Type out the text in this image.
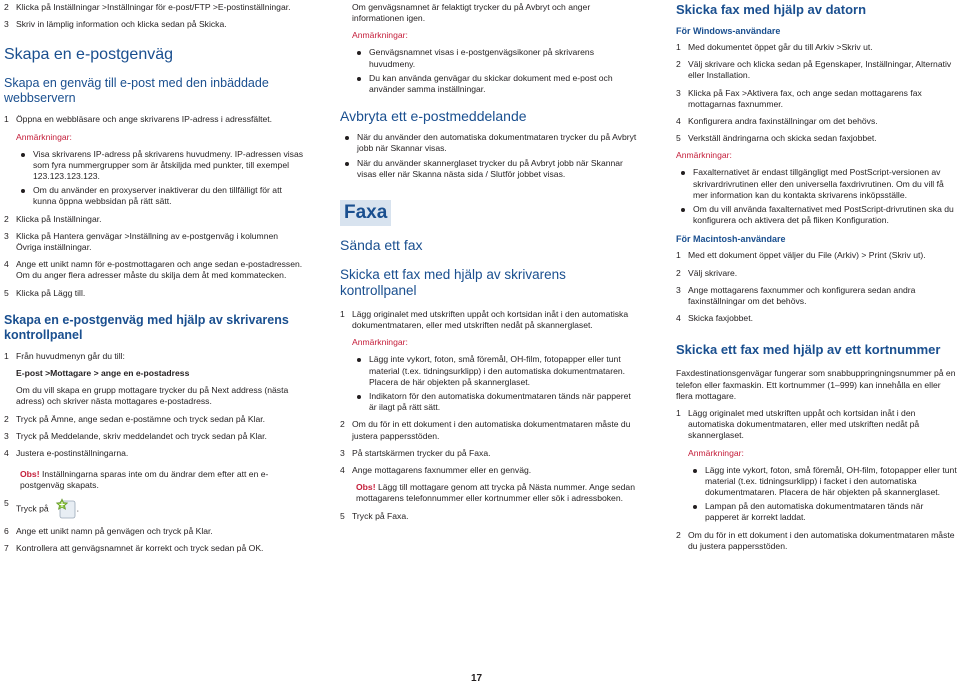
2 Klicka på Inställningar >Inställningar för e-post/FTP >E-postinställningar.
3 Skriv in lämplig information och klicka sedan på Skicka.
Skapa en e-postgenväg
Skapa en genväg till e-post med den inbäddade webbservern
1 Öppna en webbläsare och ange skrivarens IP-adress i adressfältet.
Anmärkningar:
Visa skrivarens IP-adress på skrivarens huvudmeny. IP-adressen visas som fyra nummergrupper som är åtskiljda med punkter, till exempel 123.123.123.123.
Om du använder en proxyserver inaktiverar du den tillfälligt för att kunna öppna webbsidan på rätt sätt.
2 Klicka på Inställningar.
3 Klicka på Hantera genvägar >Inställning av e-postgenväg i kolumnen Övriga inställningar.
4 Ange ett unikt namn för e-postmottagaren och ange sedan e-postadressen. Om du anger flera adresser måste du skilja dem åt med kommatecken.
5 Klicka på Lägg till.
Skapa en e-postgenväg med hjälp av skrivarens kontrollpanel
1 Från huvudmenyn går du till:
E-post >Mottagare > ange en e-postadress
Om du vill skapa en grupp mottagare trycker du på Next address (nästa adress) och skriver nästa mottagares e-postadress.
2 Tryck på Ämne, ange sedan e-postämne och tryck sedan på Klar.
3 Tryck på Meddelande, skriv meddelandet och tryck sedan på Klar.
4 Justera e-postinställningarna.
Obs! Inställningarna sparas inte om du ändrar dem efter att en e-postgenväg skapats.
5
Tryck på	.
6 Ange ett unikt namn på genvägen och tryck på Klar.
7 Kontrollera att genvägsnamnet är korrekt och tryck sedan på OK.
Om genvägsnamnet är felaktigt trycker du på Avbryt och anger informationen igen.
Anmärkningar:
Genvägsnamnet visas i e-postgenvägsikoner på skrivarens huvudmeny.
Du kan använda genvägar du skickar dokument med e-post och använder samma inställningar.
Avbryta ett e-postmeddelande
När du använder den automatiska dokumentmataren trycker du på Avbryt jobb när Skannar visas.
När du använder skannerglaset trycker du på Avbryt jobb när Skannar visas eller när Skanna nästa sida / Slutför jobbet visas.
Faxa
Sända ett fax
Skicka ett fax med hjälp av skrivarens kontrollpanel
1 Lägg originalet med utskriften uppåt och kortsidan inåt i den automatiska dokumentmataren, eller med utskriften nedåt på skannerglaset.
Anmärkningar:
Lägg inte vykort, foton, små föremål, OH-film, fotopapper eller tunt material (t.ex. tidningsurklipp) i den automatiska dokumentmataren. Placera de här objekten på skannerglaset.
Indikatorn för den automatiska dokumentmataren tänds när papperet är ilagt på rätt sätt.
2 Om du för in ett dokument i den automatiska dokumentmataren måste du justera pappersstöden.
3 På startskärmen trycker du på Faxa.
4 Ange mottagarens faxnummer eller en genväg.
Obs! Lägg till mottagare genom att trycka på Nästa nummer. Ange sedan mottagarens telefonnummer eller kortnummer eller sök i adressboken.
5 Tryck på Faxa.
Skicka fax med hjälp av datorn
För Windows-användare
1 Med dokumentet öppet går du till Arkiv >Skriv ut.
2 Välj skrivare och klicka sedan på Egenskaper, Inställningar, Alternativ eller Installation.
3 Klicka på Fax >Aktivera fax, och ange sedan mottagarens fax mottagarnas faxnummer.
4 Konfigurera andra faxinställningar om det behövs.
5 Verkställ ändringarna och skicka sedan faxjobbet.
Anmärkningar:
Faxalternativet är endast tillgängligt med PostScript-versionen av skrivardrivrutinen eller den universella faxdrivrutinen. Om du vill få mer information kan du kontakta skrivarens inköpsställe.
Om du vill använda faxalternativet med PostScript-drivrutinen ska du konfigurera och aktivera det på fliken Konfiguration.
För Macintosh-användare
1 Med ett dokument öppet väljer du File (Arkiv) > Print (Skriv ut).
2 Välj skrivare.
3 Ange mottagarens faxnummer och konfigurera sedan andra faxinställningar om det behövs.
4 Skicka faxjobbet.
Skicka ett fax med hjälp av ett kortnummer
Faxdestinationsgenvägar fungerar som snabbuppringningsnummer på en telefon eller faxmaskin. Ett kortnummer (1–999) kan innehålla en eller flera mottagare.
1 Lägg originalet med utskriften uppåt och kortsidan inåt i den automatiska dokumentmataren, eller med utskriften nedåt på skannerglaset.
Anmärkningar:
Lägg inte vykort, foton, små föremål, OH-film, fotopapper eller tunt material (t.ex. tidningsurklipp) i facket i den automatiska dokumentmataren. Placera de här objekten på skannerglaset.
Lampan på den automatiska dokumentmataren tänds när papperet är korrekt laddat.
2 Om du för in ett dokument i den automatiska dokumentmataren måste du justera pappersstöden.
17
